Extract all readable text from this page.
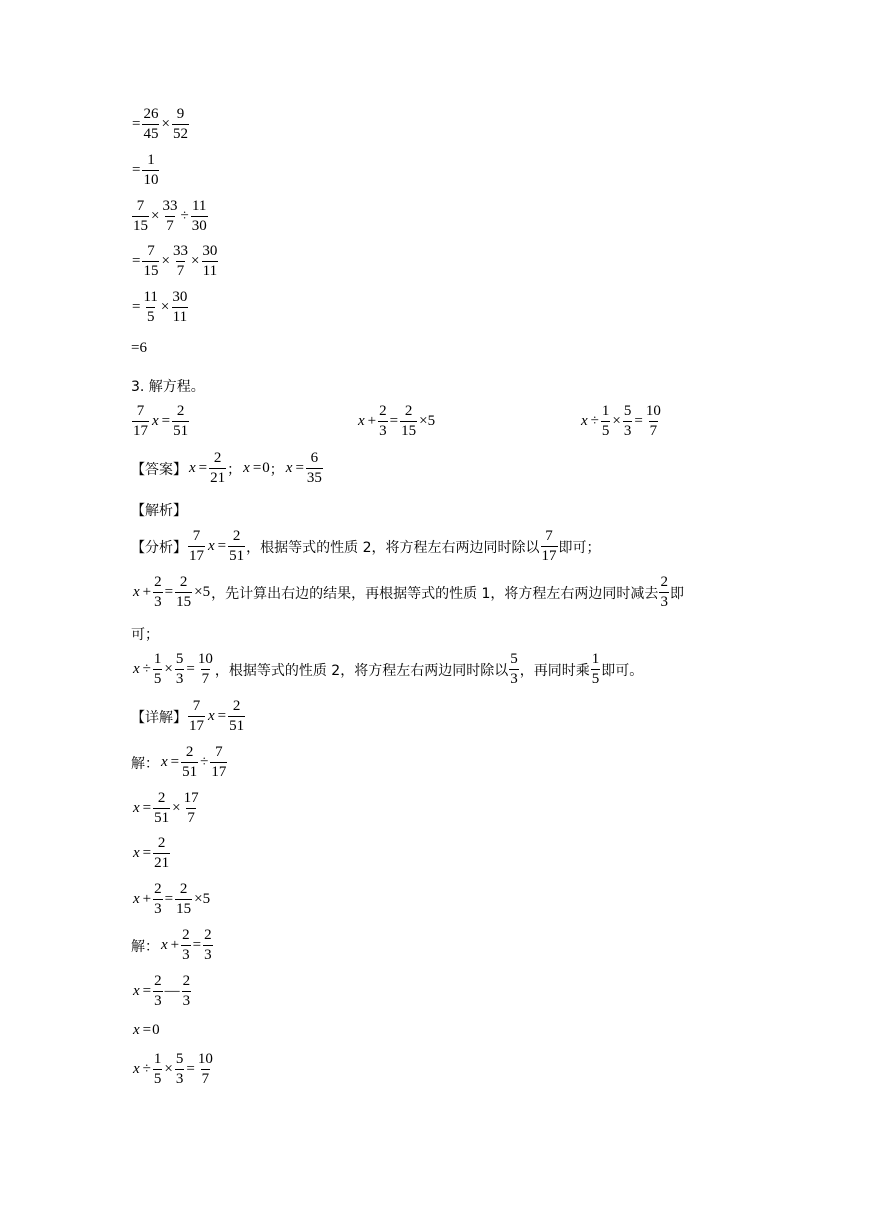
= $\frac{26}{45} \times \frac{9}{52}$
= $\frac{1}{10}$
$\frac{7}{15} \times \frac{33}{7} \div \frac{11}{30}$
= $\frac{7}{15} \times \frac{33}{7} \times \frac{30}{11}$
= $\frac{11}{5} \times \frac{30}{11}$
=6
3. 解方程。
$\frac{7}{17}$ $x = \frac{2}{51}$	$x + \frac{2}{3} = \frac{2}{15} \times 5$	$x \div \frac{1}{5} \times \frac{5}{3} = \frac{10}{7}$
【答案】 $x = \frac{2}{21}$ ； x = 0 ； $x = \frac{6}{35}$
【解析】
【分析】 $\frac{7}{17}$ $x = \frac{2}{51}$ ，根据等式的性质 2，将方程左右两边同时除以 $\frac{7}{17}$ 即可；
$x + \frac{2}{3} = \frac{2}{15} \times 5$ ，先计算出右边的结果，再根据等式的性质 1，将方程左右两边同时减去 $\frac{2}{3}$ 即
可；
$x \div \frac{1}{5} \times \frac{5}{3} = \frac{10}{7}$ ，根据等式的性质 2，将方程左右两边同时除以 $\frac{5}{3}$ ，再同时乘 $\frac{1}{5}$ 即可。
【详解】 $\frac{7}{17}$ $x = \frac{2}{51}$
解： $x = \frac{2}{51} \div \frac{7}{17}$
$x = \frac{2}{51} \times \frac{17}{7}$
$x = \frac{2}{21}$
$x + \frac{2}{3} = \frac{2}{15} \times 5$
解： $x + \frac{2}{3} = \frac{2}{3}$
$x = \frac{2}{3}$ — $\frac{2}{3}$
x = 0
$x \div \frac{1}{5} \times \frac{5}{3} = \frac{10}{7}$
